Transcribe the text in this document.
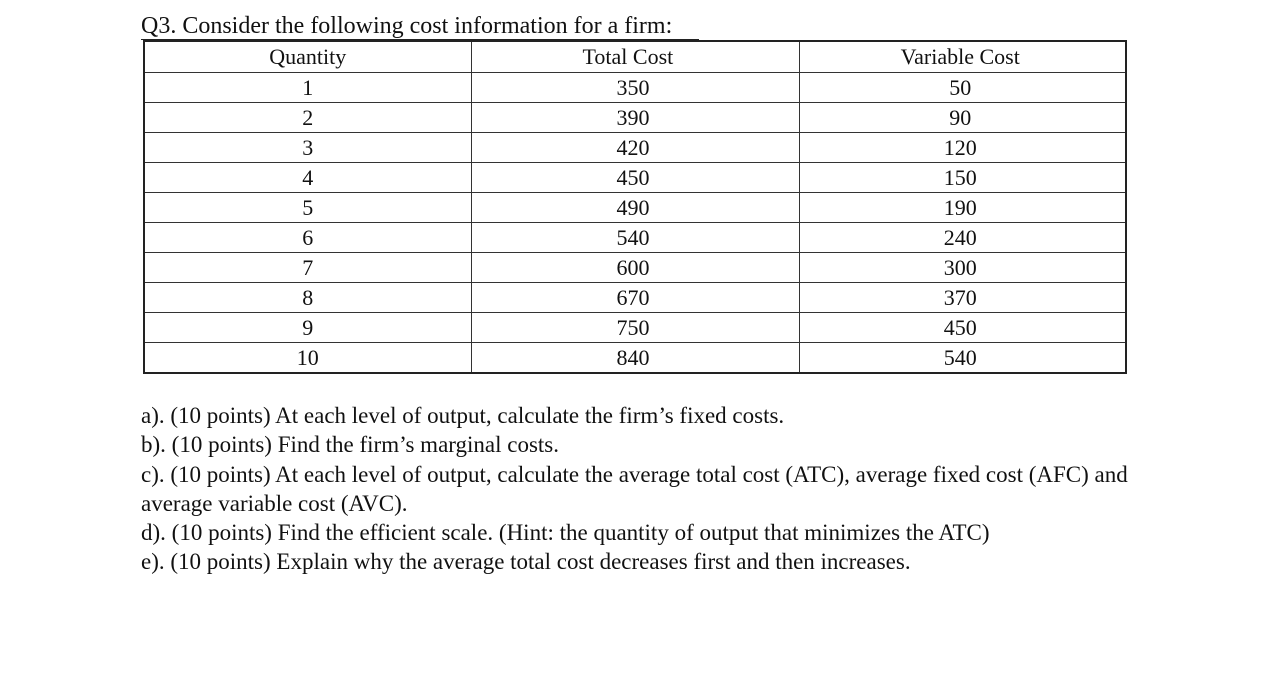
Q3. Consider the following cost information for a firm:
Quantity	Total Cost	Variable Cost
1	350	50
2	390	90
3	420	120
4	450	150
5	490	190
6	540	240
7	600	300
8	670	370
9	750	450
10	840	540

a). (10 points) At each level of output, calculate the firm’s fixed costs.

b). (10 points) Find the firm’s marginal costs.

c). (10 points) At each level of output, calculate the average total cost (ATC), average fixed cost (AFC) and average variable cost (AVC).

d). (10 points) Find the efficient scale. (Hint: the quantity of output that minimizes the ATC)

e). (10 points) Explain why the average total cost decreases first and then increases.
